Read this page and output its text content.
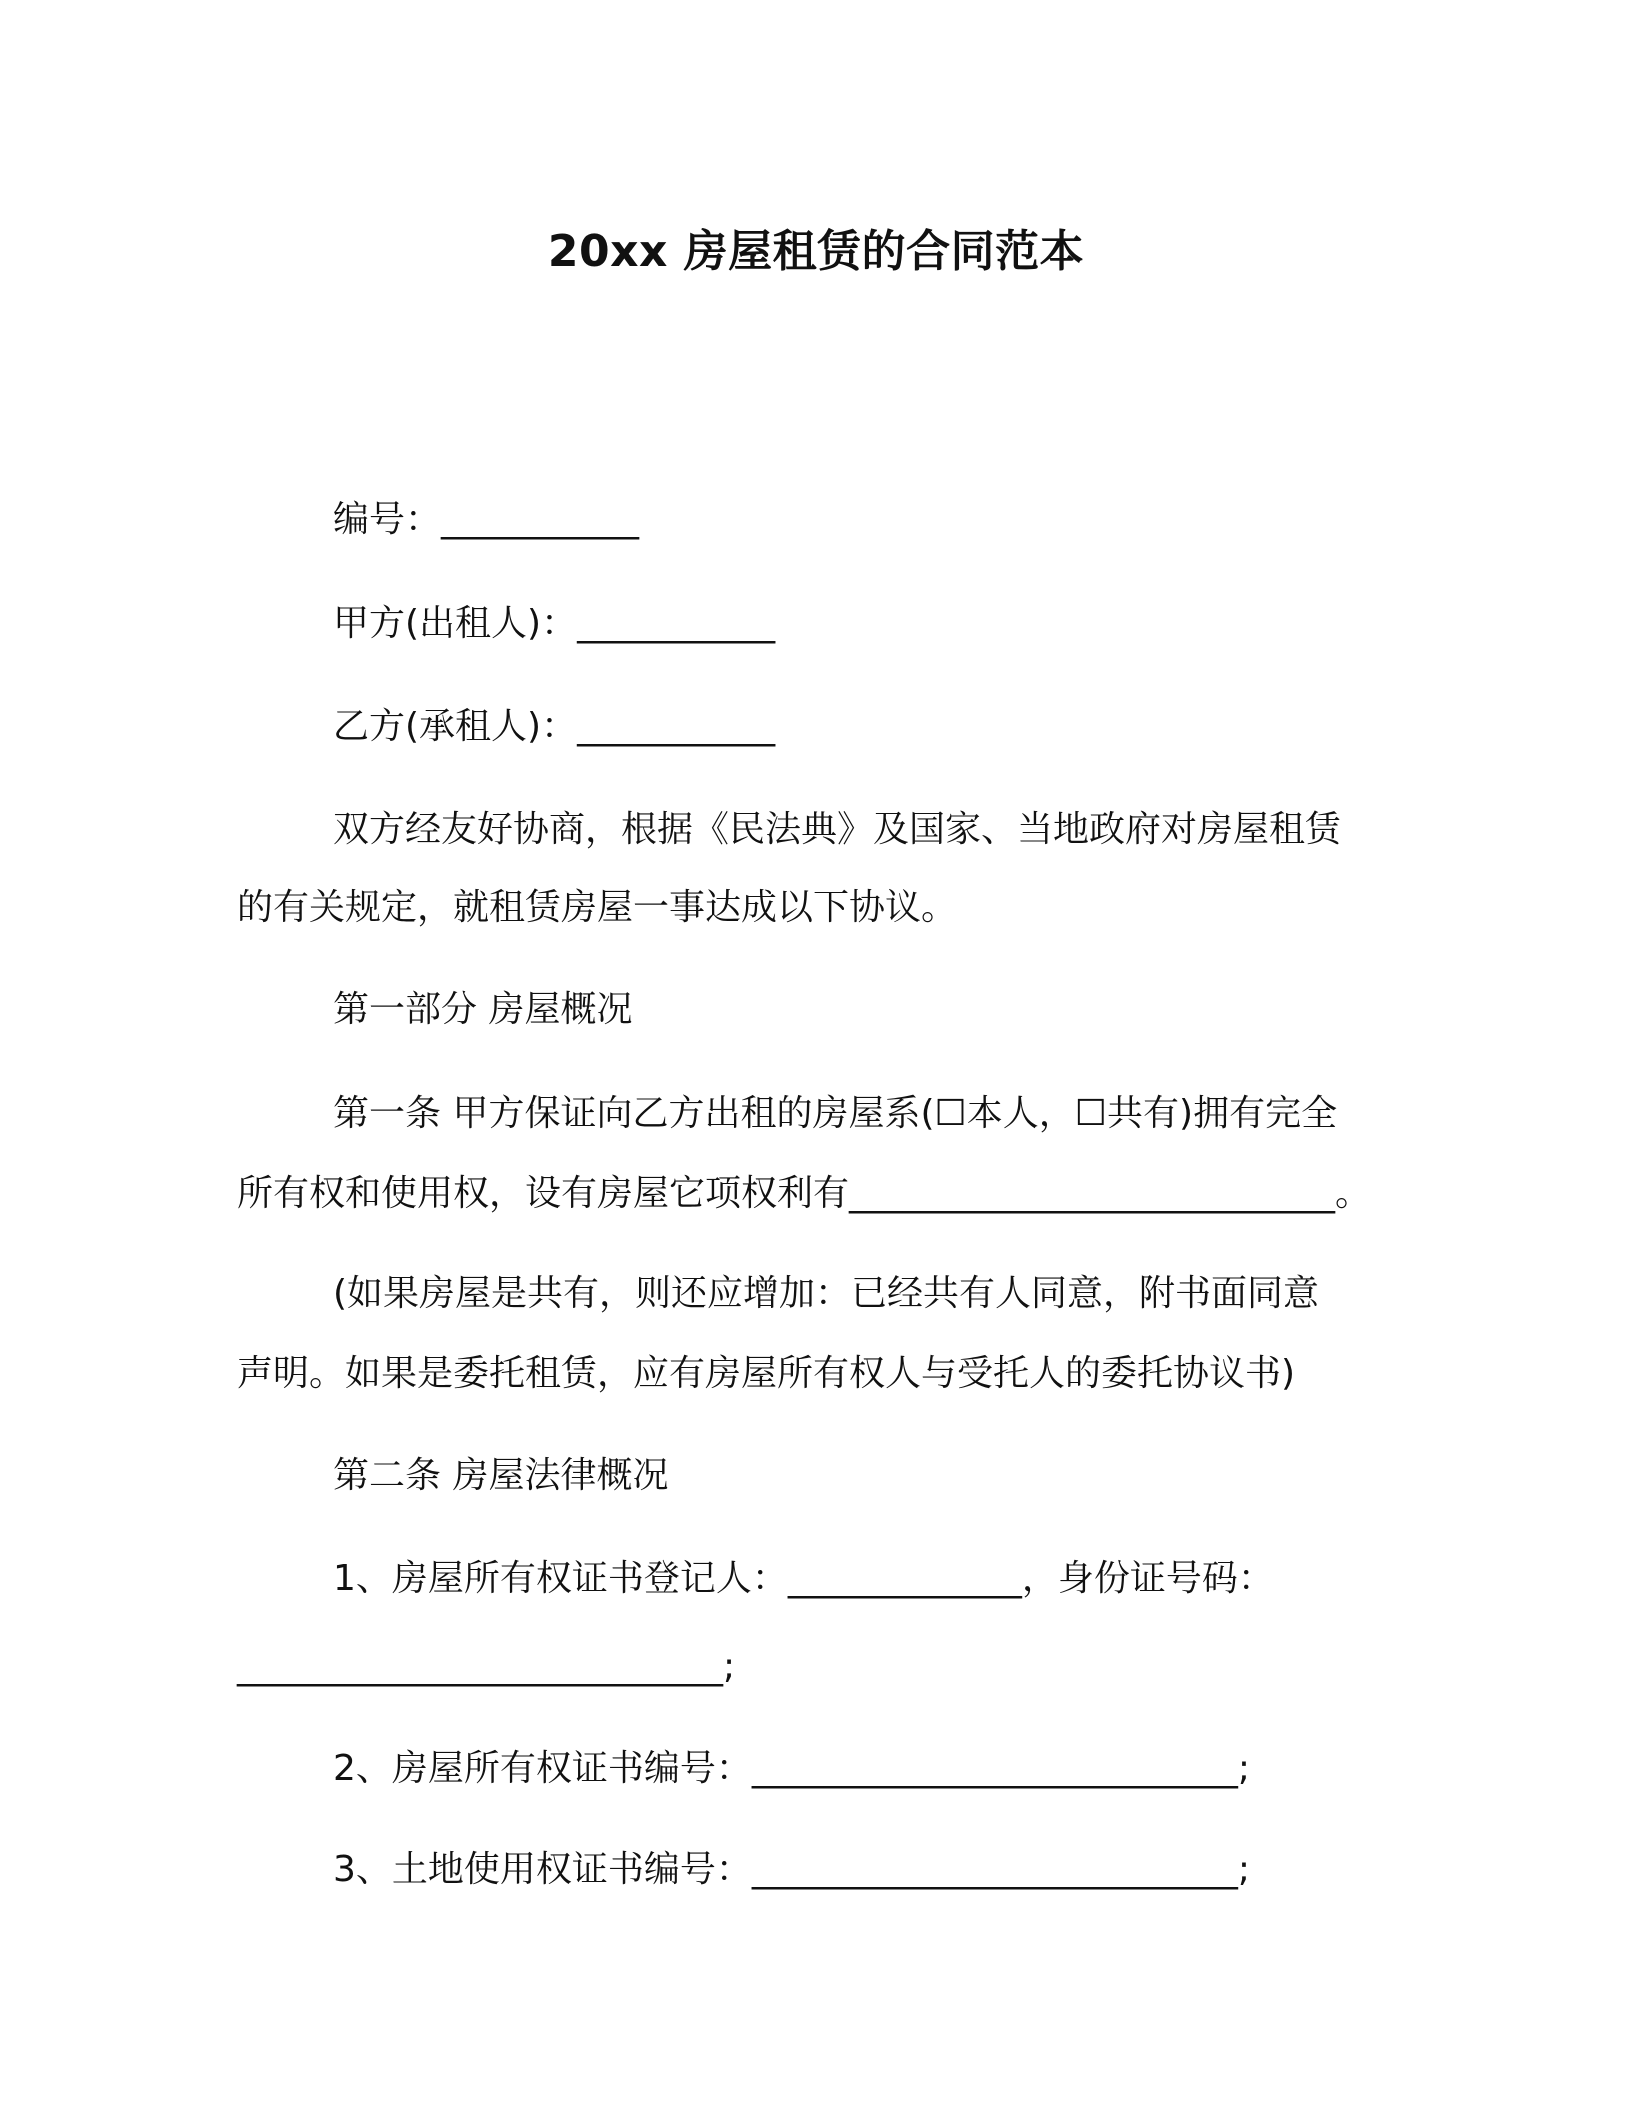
20xx 房屋租赁的合同范本
编号：___________
甲方(出租人)：___________
乙方(承租人)：___________
双方经友好协商，根据《民法典》及国家、当地政府对房屋租赁
的有关规定，就租赁房屋一事达成以下协议。
第一部分 房屋概况
第一条 甲方保证向乙方出租的房屋系(☐本人，☐共有)拥有完全
所有权和使用权，设有房屋它项权利有___________________________。
(如果房屋是共有，则还应增加：已经共有人同意，附书面同意
声明。如果是委托租赁，应有房屋所有权人与受托人的委托协议书)
第二条 房屋法律概况
1、房屋所有权证书登记人：_____________，身份证号码：
___________________________;
2、房屋所有权证书编号：___________________________;
3、土地使用权证书编号：___________________________;
